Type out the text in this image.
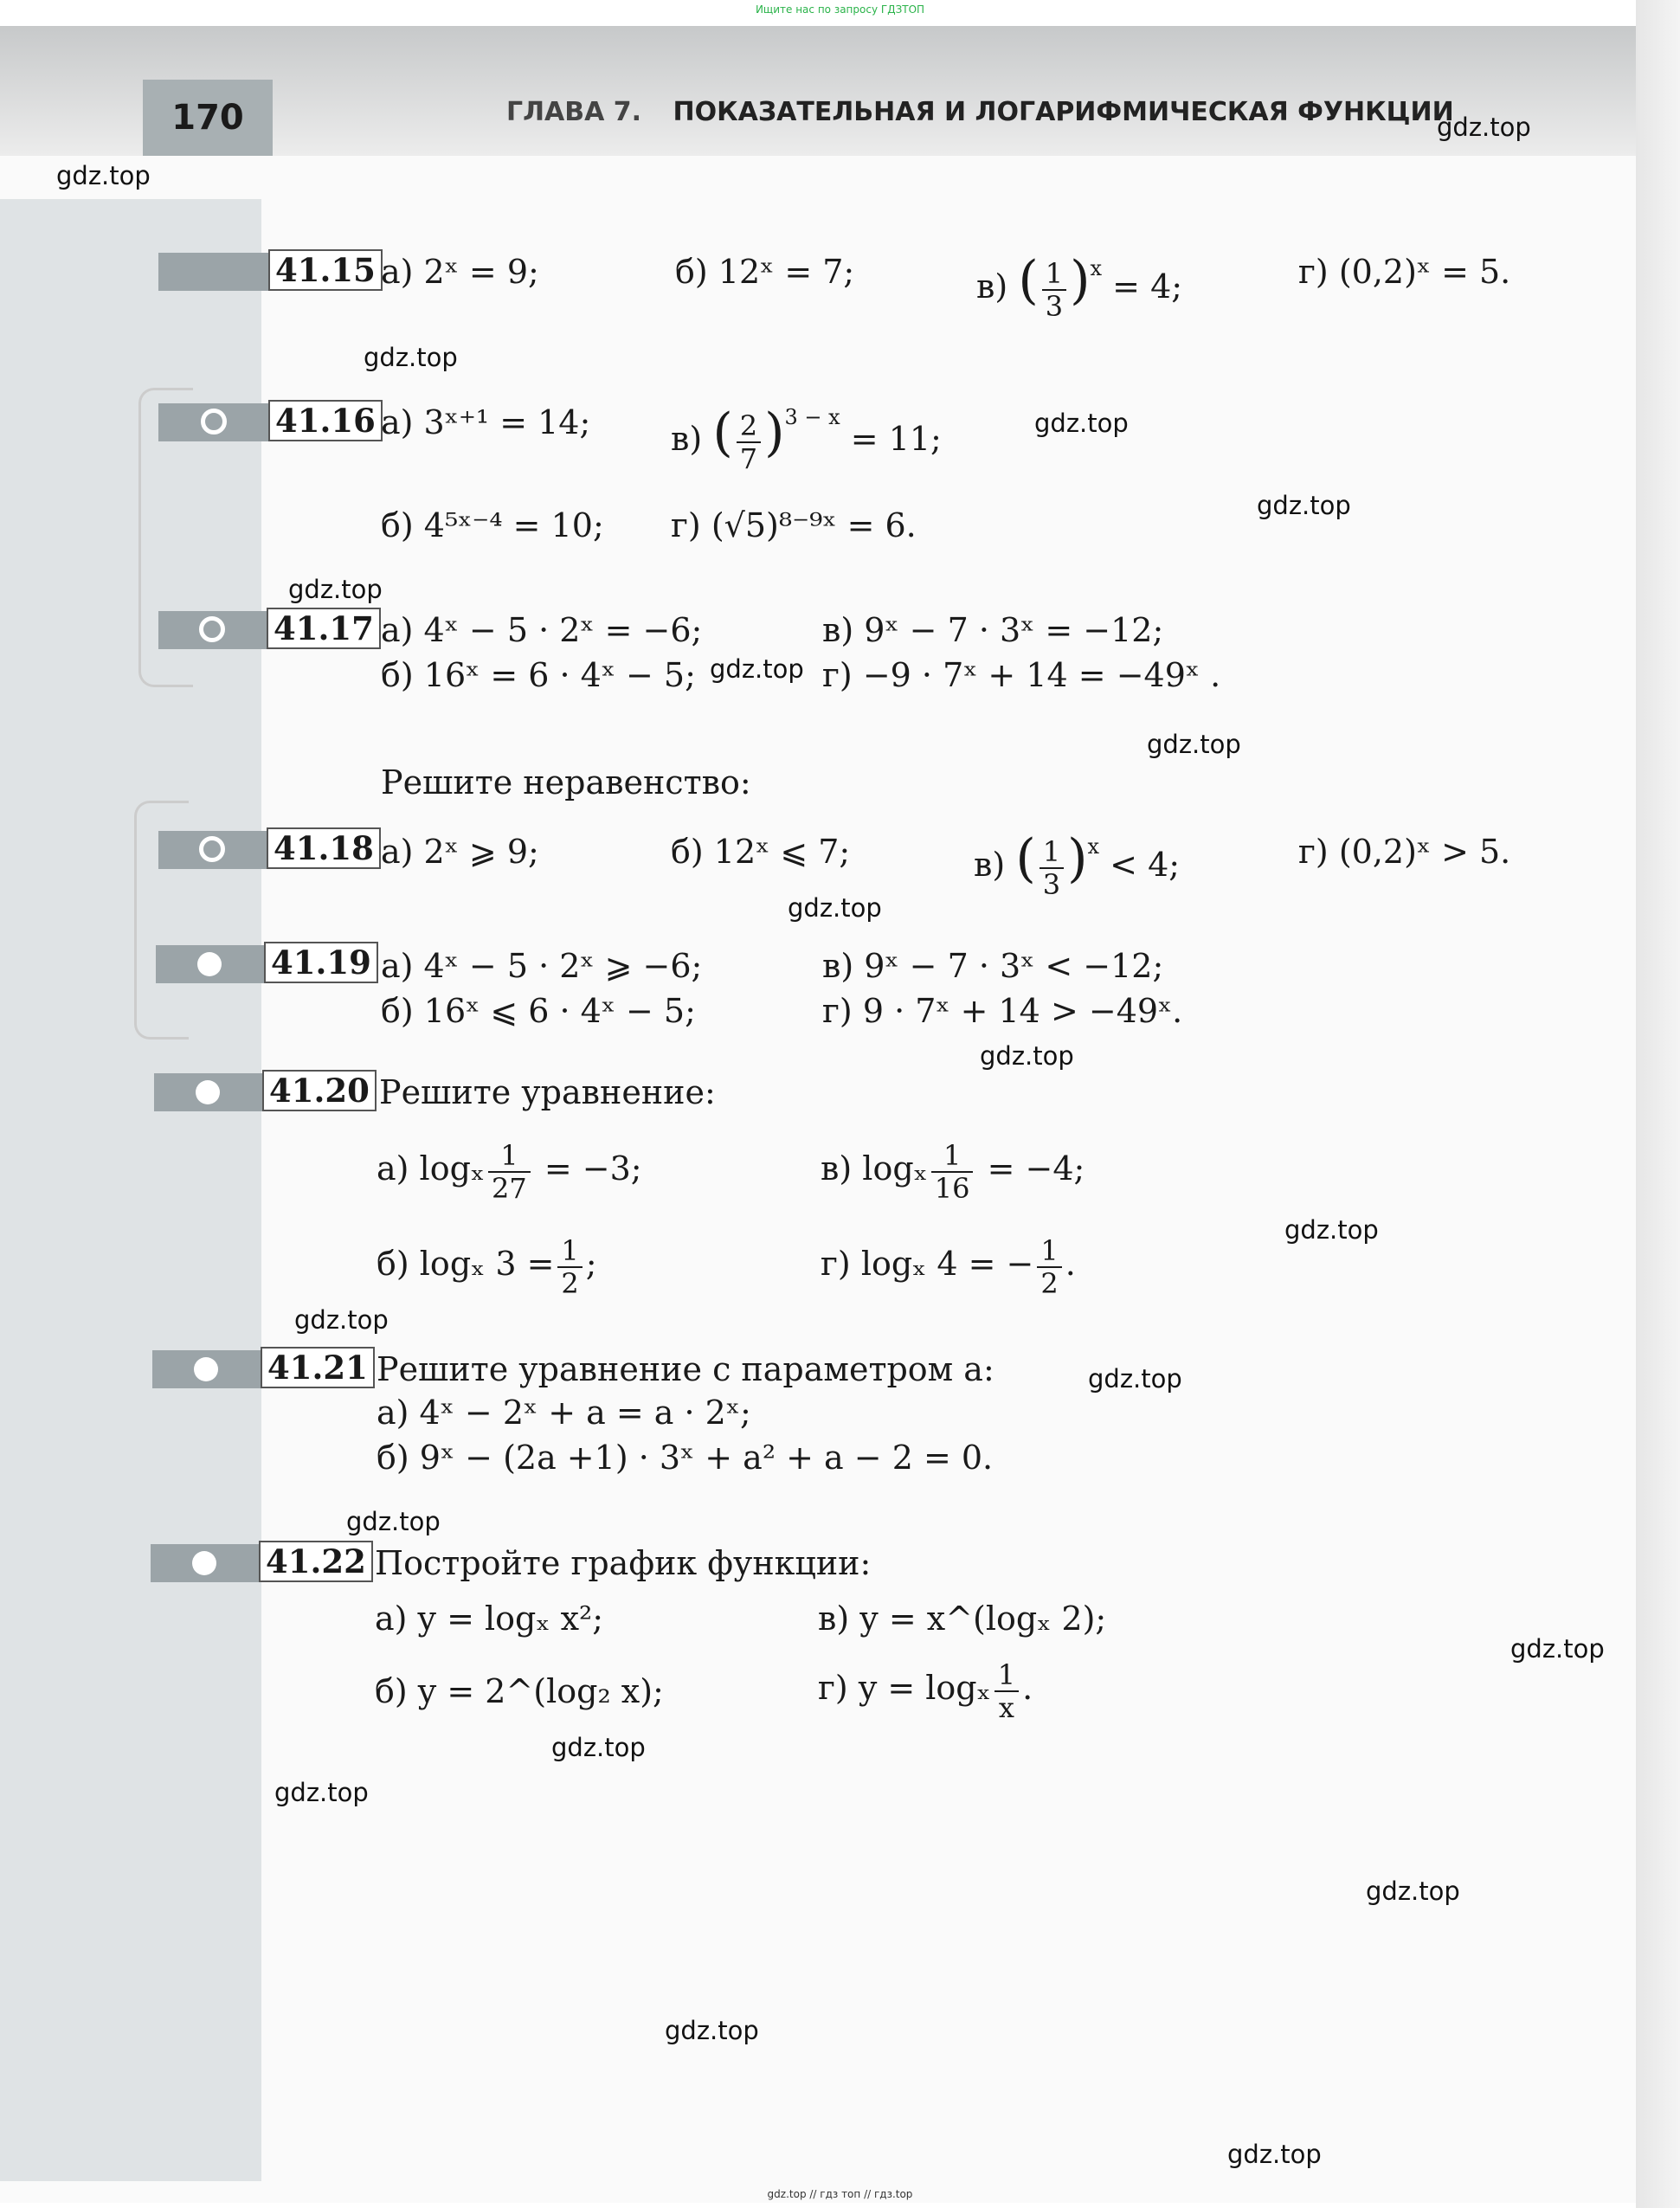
Ищите нас по запросу ГДЗТОП
170	ГЛАВА 7. ПОКАЗАТЕЛЬНАЯ И ЛОГАРИФМИЧЕСКАЯ ФУНКЦИИ
41.15 а) 2ˣ = 9;	б) 12ˣ = 7;	в) ( $\frac{1}{3} )^x = 4$;	г) (0,2)ˣ = 5.
41.16 а) 3ˣ⁺¹ = 14; в) ( $\frac{2}{7} )^{3 - x} = 11$;
б) 4⁵ˣ⁻⁴ = 10; г) (√5)⁸⁻⁹ˣ = 6.
41.17 а) 4ˣ − 5 · 2ˣ = −6;	в) 9ˣ − 7 · 3ˣ = −12;
б) 16ˣ = 6 · 4ˣ − 5;	г) −9 · 7ˣ + 14 = −49ˣ .
Решите неравенство:
41.18 а) 2ˣ ⩾ 9;	б) 12ˣ ⩽ 7;	в) ( $\frac{1}{3} )^x < 4$;	г) (0,2)ˣ > 5.
41.19 а) 4ˣ − 5 · 2ˣ ⩾ −6;	в) 9ˣ − 7 · 3ˣ < −12;
б) 16ˣ ⩽ 6 · 4ˣ − 5;	г) 9 · 7ˣ + 14 > −49ˣ.
41.20 Решите уравнение:
а) logₓ $\frac{1}{27} = -3$;	в) logₓ $\frac{1}{16} = -4$;
б) logₓ $3 = \frac{1}{2}$ ;	г) logₓ 4 = − $\frac{1}{2}$ .
41.21 Решите уравнение с параметром a:
а) 4ˣ − 2ˣ + a = a · 2ˣ;
б) 9ˣ − (2a +1) · 3ˣ + a² + a − 2 = 0.
41.22 Постройте график функции:
а) y = logₓ x²;	в) y = x^(logₓ 2);
б) y = 2^(log₂ x);	г) y = logₓ $\frac{1}{x}$ .
gdz.top
gdz.top
gdz.top
gdz.top
gdz.top
gdz.top
gdz.top
gdz.top
gdz.top
gdz.top
gdz.top
gdz.top
gdz.top
gdz.top
gdz.top
gdz.top
gdz.top
gdz.top
gdz.top
gdz.top
gdz.top // гдз топ // гдз.top
